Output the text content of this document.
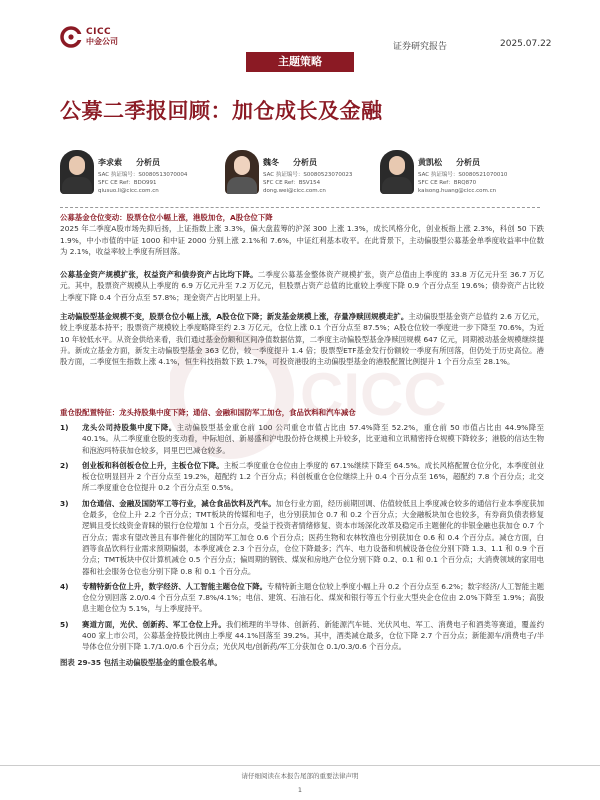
CICC
CICC
中金公司
证券研究报告	2025.07.22
主题策略
公募二季报回顾：加仓成长及金融
李求索 分析员
SAC 执证编号：S0080513070004
SFC CE Ref：BDO991
qiusuo.li@cicc.com.cn
魏冬 分析员
SAC 执证编号：S0080523070023
SFC CE Ref：BSV154
dong.wei@cicc.com.cn
黄凯松 分析员
SAC 执证编号：S0080521070010
SFC CE Ref：BRQ870
kaisong.huang@cicc.com.cn
公募基金仓位变动：股票仓位小幅上涨，港股加仓，A股仓位下降
2025 年二季度A股市场先抑后扬，上证指数上涨 3.3%，偏大盘蓝筹的沪深 300 上涨 1.3%，成长风格分化，创业板指上涨 2.3%，科创 50 下跌 1.9%，中小市值的中证 1000 和中证 2000 分别上涨 2.1%和 7.6%，中证红利基本收平。在此背景下，主动偏股型公募基金单季度收益率中位数为 2.1%，收益率较上季度有所回落。
公募基金资产规模扩张，权益资产和债券资产占比均下降。二季度公募基金整体资产规模扩张，资产总值由上季度的 33.8 万亿元升至 36.7 万亿元。其中，股票资产规模从上季度的 6.9 万亿元升至 7.2 万亿元，但股票占资产总值的比重较上季度下降 0.9 个百分点至 19.6%；债券资产占比较上季度下降 0.4 个百分点至 57.8%；现金资产占比明显上升。
主动偏股型基金规模不变，股票仓位小幅上涨，A股仓位下降；新发基金规模上涨，存量净赎回规模走扩。主动偏股型基金资产总值约 2.6 万亿元，较上季度基本持平；股票资产规模较上季度略降至约 2.3 万亿元，仓位上涨 0.1 个百分点至 87.5%；A股仓位较一季度进一步下降至 70.6%，为近 10 年较低水平。从资金供给来看，我们通过基金份额和区间净值数据估算，二季度主动偏股型基金净赎回规模 647 亿元，同期被动基金规模继续提升。新成立基金方面，新发主动偏股型基金 363 亿份，较一季度提升 1.4 倍；股票型ETF基金发行份额较一季度有所回落，但仍处于历史高位。港股方面，二季度恒生指数上涨 4.1%，恒生科技指数下跌 1.7%，可投资港股的主动偏股型基金的港股配置比例提升 1 个百分点至 28.1%。
重仓股配置特征：龙头持股集中度下降；通信、金融和国防军工加仓，食品饮料和汽车减仓
1) 龙头公司持股集中度下降。主动偏股型基金重仓前 100 公司重仓市值占比由 57.4%降至 52.2%，重仓前 50 市值占比由 44.9%降至 40.1%。从二季度重仓股的变动看，中际旭创、新易盛和沪电股份持仓规模上升较多，比亚迪和立讯精密持仓规模下降较多；港股的信达生物和泡泡玛特获加仓较多，同里巴巴减仓较多。
2) 创业板和科创板仓位上升，主板仓位下降。主板二季度重仓仓位由上季度的 67.1%继续下降至 64.5%。成长风格配置仓位分化，本季度创业板仓位明显回升 2 个百分点至 19.2%，超配约 1.2 个百分点；科创板重仓仓位继续上升 0.4 个百分点至 16%，超配约 7.8 个百分点；北交所二季度重仓仓位提升 0.2 个百分点至 0.5%。
3) 加仓通信、金融及国防军工等行业，减仓食品饮料及汽车。加仓行业方面，经历前期回调、估值较低且上季度减仓较多的通信行业本季度获加仓最多，仓位上升 2.2 个百分点；TMT板块的传媒和电子，也分别获加仓 0.7 和 0.2 个百分点；大金融板块加仓也较多，有券商负债表修复逻辑且受长线资金青睐的银行仓位增加 1 个百分点，受益于投资者情绪修复、资本市场深化改革及稳定币主题催化的非银金融也获加仓 0.7 个百分点；需求有望改善且有事件催化的国防军工加仓 0.6 个百分点；医药生物和农林牧渔也分别获加仓 0.6 和 0.4 个百分点。减仓方面，白酒等食品饮料行业需求预期偏弱，本季度减仓 2.3 个百分点，仓位下降最多；汽车、电力设备和机械设备仓位分别下降 1.3、1.1 和 0.9 个百分点；TMT板块中仅计算机减仓 0.5 个百分点；偏周期的钢铁、煤炭和房地产仓位分别下降 0.2、0.1 和 0.1 个百分点；大消费领域的家用电器和社会服务仓位也分别下降 0.8 和 0.1 个百分点。
4) 专精特新仓位上升，数字经济、人工智能主题仓位下降。专精特新主题仓位较上季度小幅上升 0.2 个百分点至 6.2%；数字经济/人工智能主题仓位分别回落 2.0/0.4 个百分点至 7.8%/4.1%；电信、建筑、石油石化、煤炭和银行等五个行业大型央企仓位由 2.0%下降至 1.9%；高股息主题仓位为 5.1%，与上季度持平。
5) 赛道方面，光伏、创新药、军工仓位上升。我们梳理的半导体、创新药、新能源汽车链、光伏风电、军工、消费电子和酒类等赛道，覆盖约 400 家上市公司，公募基金持股比例由上季度 44.1%回落至 39.2%。其中，酒类减仓最多，仓位下降 2.7 个百分点；新能源车/消费电子/半导体仓位分别下降 1.7/1.0/0.6 个百分点；光伏风电/创新药/军工分获加仓 0.1/0.3/0.6 个百分点。
图表 29-35 包括主动偏股型基金的重仓股名单。
请仔细阅读在本报告尾部的重要法律声明
1
